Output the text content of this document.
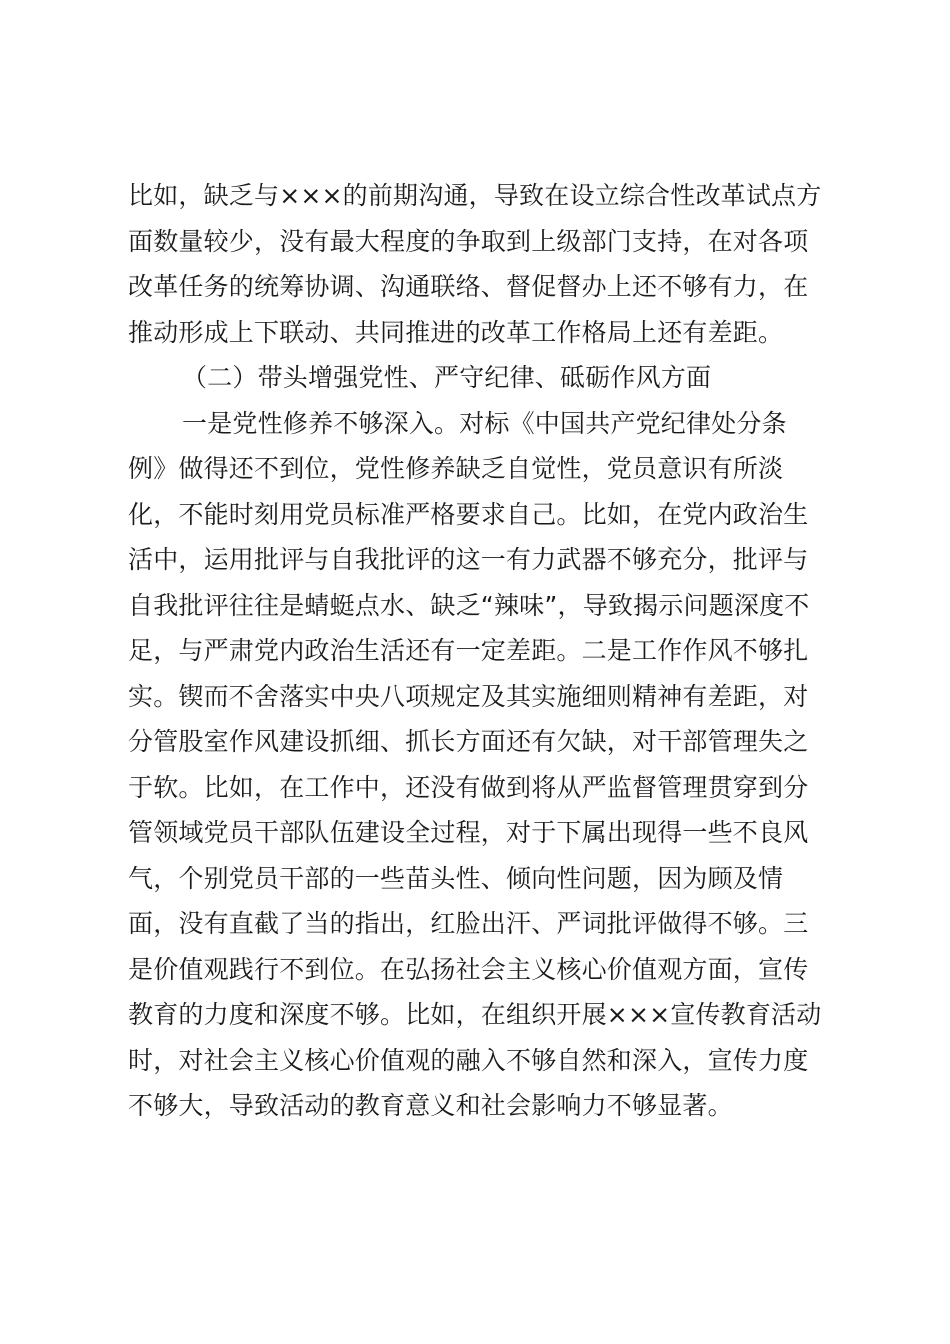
比如，缺乏与×××的前期沟通，导致在设立综合性改革试点方
面数量较少，没有最大程度的争取到上级部门支持，在对各项
改革任务的统筹协调、沟通联络、督促督办上还不够有力，在
推动形成上下联动、共同推进的改革工作格局上还有差距。
（二）带头增强党性、严守纪律、砥砺作风方面
一是党性修养不够深入。对标《中国共产党纪律处分条
例》做得还不到位，党性修养缺乏自觉性，党员意识有所淡
化，不能时刻用党员标准严格要求自己。比如，在党内政治生
活中，运用批评与自我批评的这一有力武器不够充分，批评与
自我批评往往是蜻蜓点水、缺乏“辣味”，导致揭示问题深度不
足，与严肃党内政治生活还有一定差距。二是工作作风不够扎
实。锲而不舍落实中央八项规定及其实施细则精神有差距，对
分管股室作风建设抓细、抓长方面还有欠缺，对干部管理失之
于软。比如，在工作中，还没有做到将从严监督管理贯穿到分
管领域党员干部队伍建设全过程，对于下属出现得一些不良风
气，个别党员干部的一些苗头性、倾向性问题，因为顾及情
面，没有直截了当的指出，红脸出汗、严词批评做得不够。三
是价值观践行不到位。在弘扬社会主义核心价值观方面，宣传
教育的力度和深度不够。比如，在组织开展×××宣传教育活动
时，对社会主义核心价值观的融入不够自然和深入，宣传力度
不够大，导致活动的教育意义和社会影响力不够显著。
